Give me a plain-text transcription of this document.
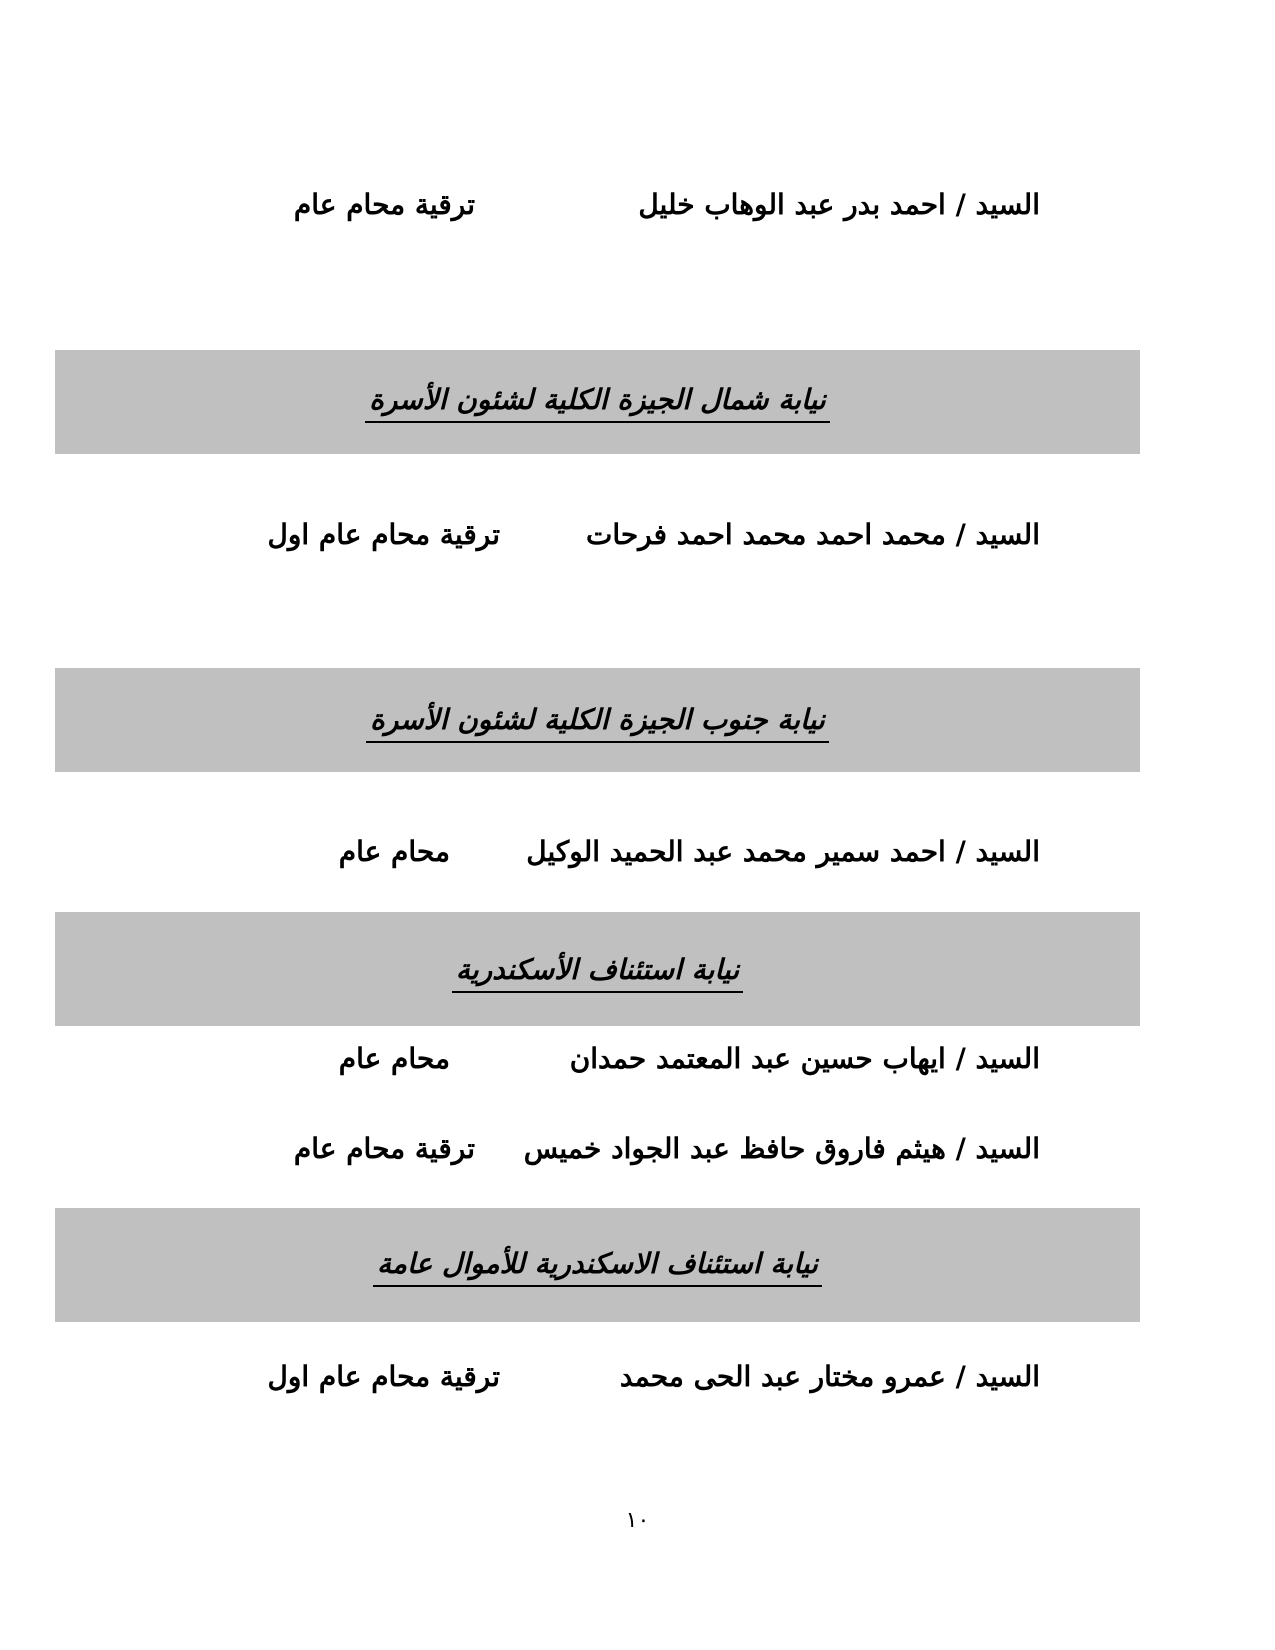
السيد / احمد بدر عبد الوهاب خليل
ترقية محام عام
نيابة شمال الجيزة الكلية لشئون الأسرة
السيد / محمد احمد محمد احمد فرحات
ترقية محام عام اول
نيابة جنوب الجيزة الكلية لشئون الأسرة
السيد / احمد سمير محمد عبد الحميد الوكيل
محام عام
نيابة استئناف الأسكندرية
السيد / ايهاب حسين عبد المعتمد حمدان
محام عام
السيد / هيثم فاروق حافظ عبد الجواد خميس
ترقية محام عام
نيابة استئناف الاسكندرية للأموال عامة
السيد / عمرو مختار عبد الحى محمد
ترقية محام عام اول
١٠
